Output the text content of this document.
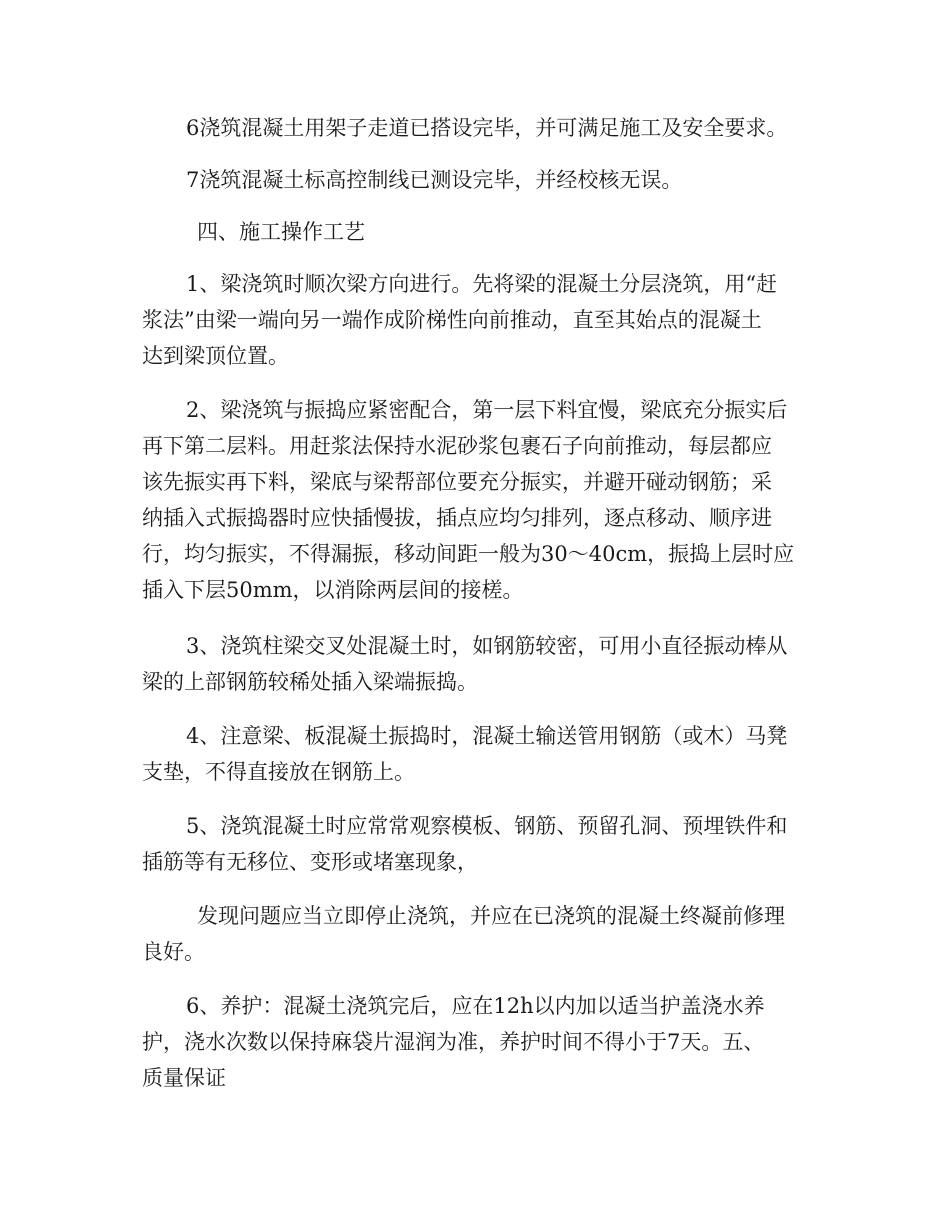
6浇筑混凝土用架子走道已搭设完毕，并可满足施工及安全要求。
7浇筑混凝土标高控制线已测设完毕，并经校核无误。
四、施工操作工艺
1、梁浇筑时顺次梁方向进行。先将梁的混凝土分层浇筑，用“赶
浆法”由梁一端向另一端作成阶梯性向前推动，直至其始点的混凝土
达到梁顶位置。
2、梁浇筑与振捣应紧密配合，第一层下料宜慢，梁底充分振实后
再下第二层料。用赶浆法保持水泥砂浆包裹石子向前推动，每层都应
该先振实再下料，梁底与梁帮部位要充分振实，并避开碰动钢筋；采
纳插入式振捣器时应快插慢拔，插点应均匀排列，逐点移动、顺序进
行，均匀振实，不得漏振，移动间距一般为30～40cm，振捣上层时应
插入下层50mm，以消除两层间的接槎。
3、浇筑柱梁交叉处混凝土时，如钢筋较密，可用小直径振动棒从
梁的上部钢筋较稀处插入梁端振捣。
4、注意梁、板混凝土振捣时，混凝土输送管用钢筋（或木）马凳
支垫，不得直接放在钢筋上。
5、浇筑混凝土时应常常观察模板、钢筋、预留孔洞、预埋铁件和
插筋等有无移位、变形或堵塞现象，
发现问题应当立即停止浇筑，并应在已浇筑的混凝土终凝前修理
良好。
6、养护：混凝土浇筑完后，应在12h以内加以适当护盖浇水养
护，浇水次数以保持麻袋片湿润为准，养护时间不得小于7天。五、
质量保证
